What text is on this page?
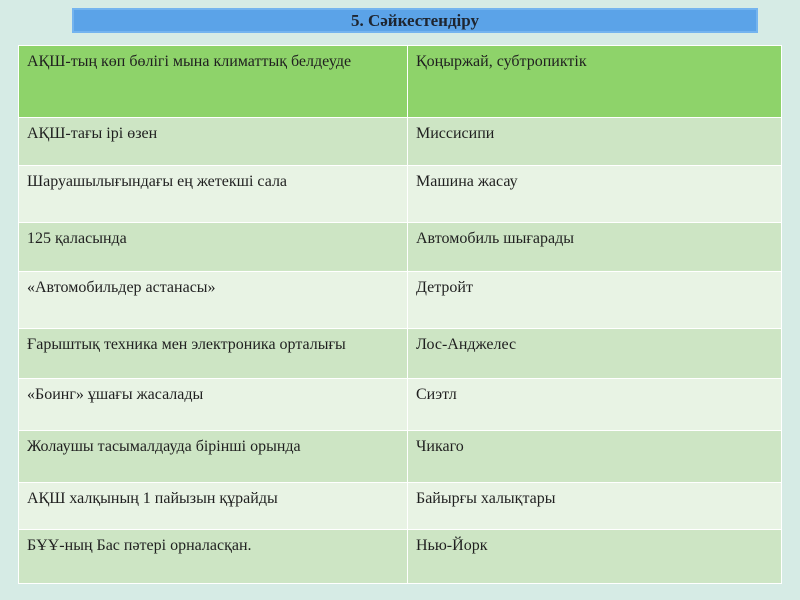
5. Сәйкестендіру
АҚШ-тың көп бөлігі мына климаттық белдеуде	Қоңыржай, субтропиктік
АҚШ-тағы ірі өзен	Миссисипи
Шаруашылығындағы ең жетекші сала	Машина жасау
125 қаласында	Автомобиль шығарады
«Автомобильдер астанасы»	Детройт
Ғарыштық техника мен электроника орталығы	Лос-Анджелес
«Боинг» ұшағы жасалады	Сиэтл
Жолаушы тасымалдауда бірінші орында	Чикаго
АҚШ халқының 1 пайызын құрайды	Байырғы халықтары
БҰҰ-ның Бас пәтері орналасқан.	Нью-Йорк
